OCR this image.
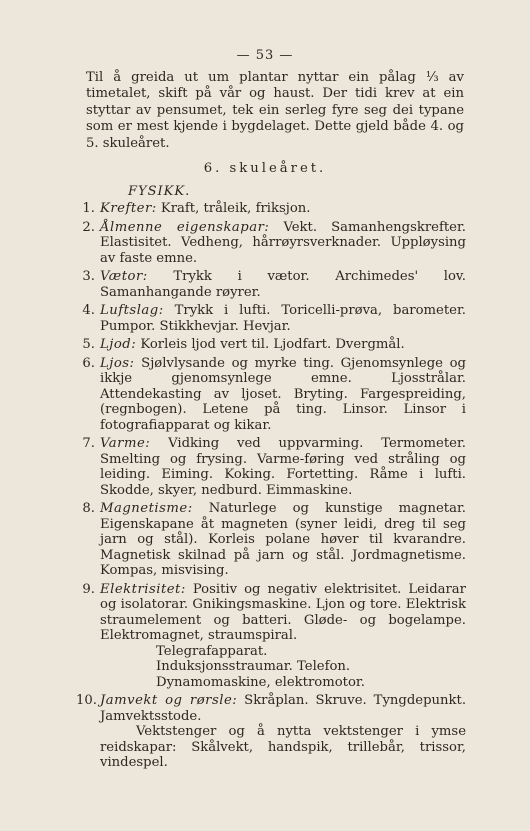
— 53 —
Til å greida ut um plantar nyttar ein pålag ⅓ av timetalet, skift på vår og haust. Der tidi krev at ein styttar av pensumet, tek ein serleg fyre seg dei typane som er mest kjende i bygdelaget. Dette gjeld både 4. og 5. skuleåret.
6. skuleåret.
FYSIKK.
1. Krefter: Kraft, tråleik, friksjon.
2. Ålmenne eigenskapar: Vekt. Samanhengskrefter. Elastisitet. Vedheng, hårrøyrsverknader. Uppløysing av faste emne.
3. Vætor: Trykk i vætor. Archimedes' lov. Samanhangande røyrer.
4. Luftslag: Trykk i lufti. Toricelli-prøva, barometer. Pumpor. Stikkhevjar. Hevjar.
5. Ljod: Korleis ljod vert til. Ljodfart. Dvergmål.
6. Ljos: Sjølvlysande og myrke ting. Gjenomsynlege og ikkje gjenomsynlege emne. Ljosstrålar. Attendekasting av ljoset. Bryting. Fargespreiding, (regnbogen). Letene på ting. Linsor. Linsor i fotografiapparat og kikar.
7. Varme: Vidking ved uppvarming. Termometer. Smelting og frysing. Varme-føring ved stråling og leiding. Eiming. Koking. Fortetting. Råme i lufti. Skodde, skyer, nedburd. Eimmaskine.
8. Magnetisme: Naturlege og kunstige magnetar. Eigenskapane åt magneten (syner leidi, dreg til seg jarn og stål). Korleis polane høver til kvarandre. Magnetisk skilnad på jarn og stål. Jordmagnetisme. Kompas, misvising.
9. Elektrisitet: Positiv og negativ elektrisitet. Leidarar og isolatorar. Gnikingsmaskine. Ljon og tore. Elektrisk straumelement og batteri. Gløde- og bogelampe. Elektromagnet, straumspiral.
Telegrafapparat.
Induksjonsstraumar. Telefon.
Dynamomaskine, elektromotor.
10. Jamvekt og rørsle: Skråplan. Skruve. Tyngdepunkt. Jamvektsstode.
Vektstenger og å nytta vektstenger i ymse reidskapar: Skålvekt, handspik, trillebår, trissor, vindespel.
